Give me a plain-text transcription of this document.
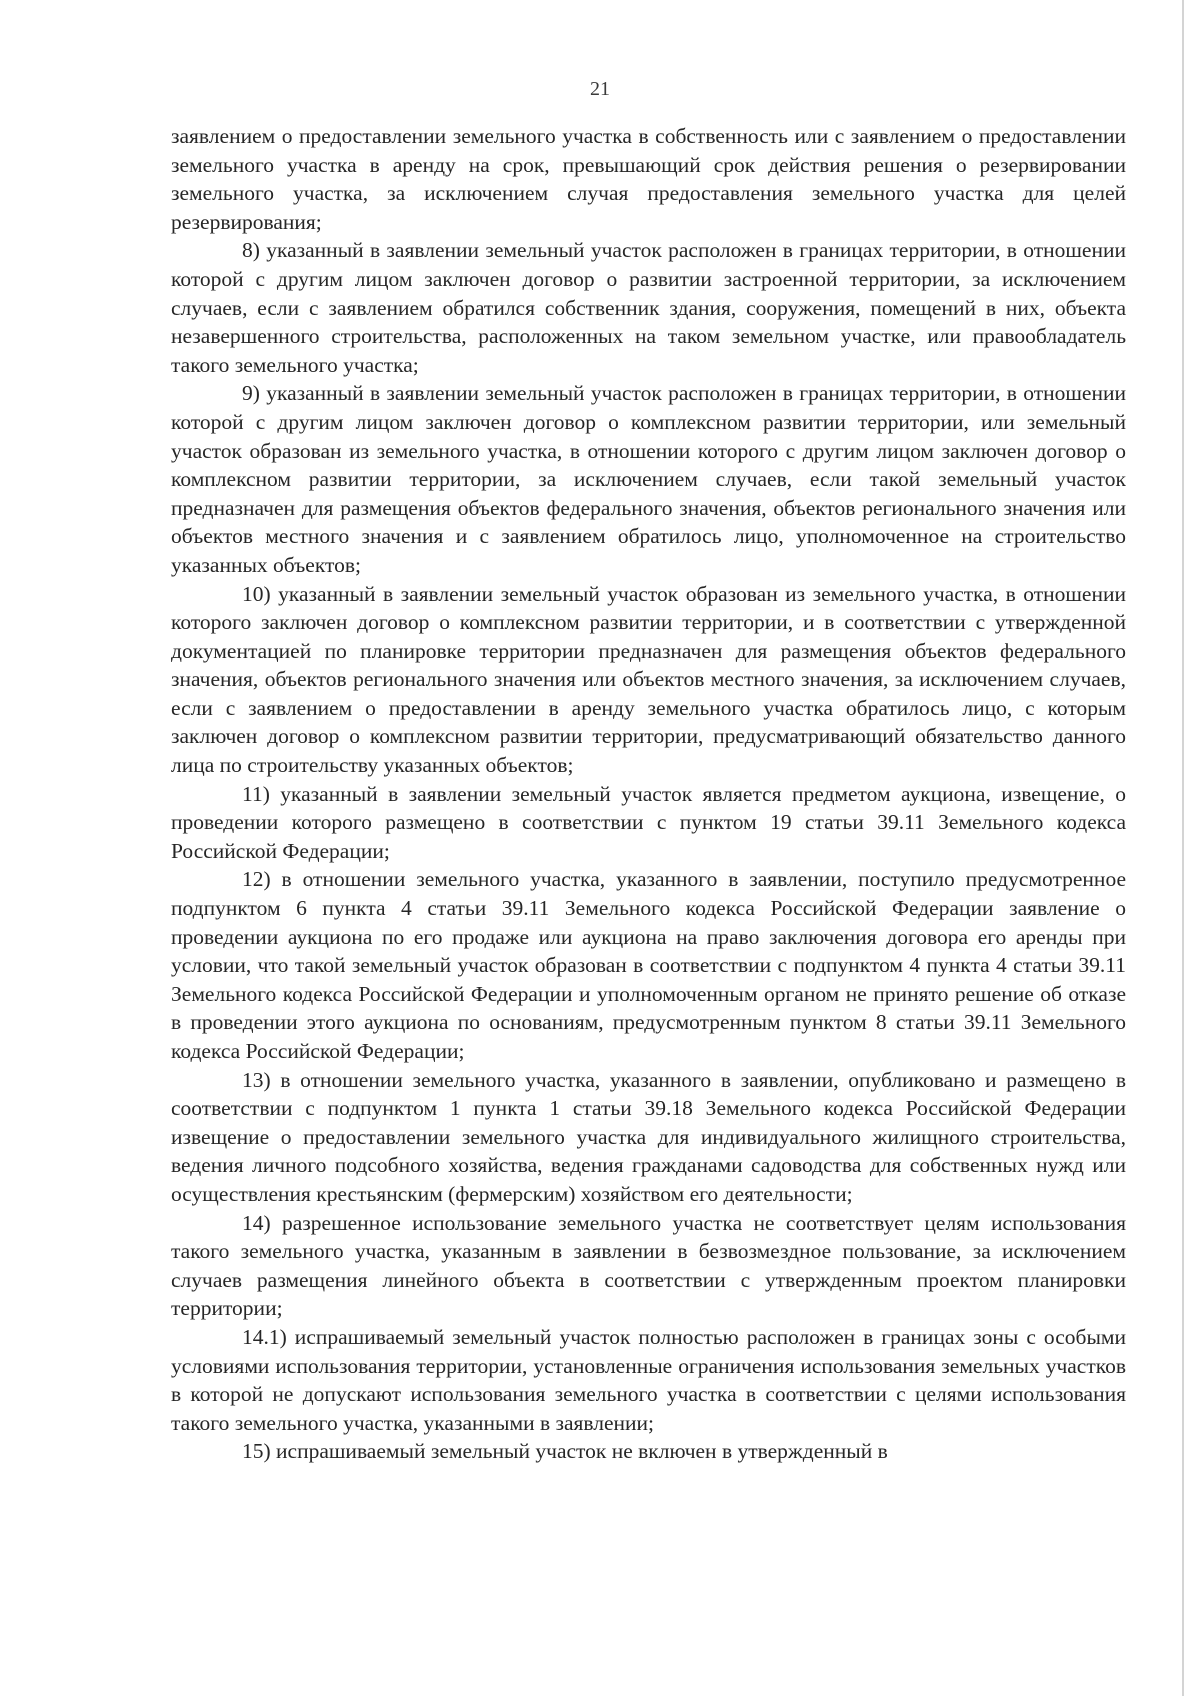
21

заявлением о предоставлении земельного участка в собственность или с заявлением о предоставлении земельного участка в аренду на срок, превышающий срок действия решения о резервировании земельного участка, за исключением случая предоставления земельного участка для целей резервирования;

8) указанный в заявлении земельный участок расположен в границах территории, в отношении которой с другим лицом заключен договор о развитии застроенной территории, за исключением случаев, если с заявлением обратился собственник здания, сооружения, помещений в них, объекта незавершенного строительства, расположенных на таком земельном участке, или правообладатель такого земельного участка;

9) указанный в заявлении земельный участок расположен в границах территории, в отношении которой с другим лицом заключен договор о комплексном развитии территории, или земельный участок образован из земельного участка, в отношении которого с другим лицом заключен договор о комплексном развитии территории, за исключением случаев, если такой земельный участок предназначен для размещения объектов федерального значения, объектов регионального значения или объектов местного значения и с заявлением обратилось лицо, уполномоченное на строительство указанных объектов;

10) указанный в заявлении земельный участок образован из земельного участка, в отношении которого заключен договор о комплексном развитии территории, и в соответствии с утвержденной документацией по планировке территории предназначен для размещения объектов федерального значения, объектов регионального значения или объектов местного значения, за исключением случаев, если с заявлением о предоставлении в аренду земельного участка обратилось лицо, с которым заключен договор о комплексном развитии территории, предусматривающий обязательство данного лица по строительству указанных объектов;

11) указанный в заявлении земельный участок является предметом аукциона, извещение, о проведении которого размещено в соответствии с пунктом 19 статьи 39.11 Земельного кодекса Российской Федерации;

12) в отношении земельного участка, указанного в заявлении, поступило предусмотренное подпунктом 6 пункта 4 статьи 39.11 Земельного кодекса Российской Федерации заявление о проведении аукциона по его продаже или аукциона на право заключения договора его аренды при условии, что такой земельный участок образован в соответствии с подпунктом 4 пункта 4 статьи 39.11 Земельного кодекса Российской Федерации и уполномоченным органом не принято решение об отказе в проведении этого аукциона по основаниям, предусмотренным пунктом 8 статьи 39.11 Земельного кодекса Российской Федерации;

13) в отношении земельного участка, указанного в заявлении, опубликовано и размещено в соответствии с подпунктом 1 пункта 1 статьи 39.18 Земельного кодекса Российской Федерации извещение о предоставлении земельного участка для индивидуального жилищного строительства, ведения личного подсобного хозяйства, ведения гражданами садоводства для собственных нужд или осуществления крестьянским (фермерским) хозяйством его деятельности;

14) разрешенное использование земельного участка не соответствует целям использования такого земельного участка, указанным в заявлении в безвозмездное пользование, за исключением случаев размещения линейного объекта в соответствии с утвержденным проектом планировки территории;

14.1) испрашиваемый земельный участок полностью расположен в границах зоны с особыми условиями использования территории, установленные ограничения использования земельных участков в которой не допускают использования земельного участка в соответствии с целями использования такого земельного участка, указанными в заявлении;

15) испрашиваемый земельный участок не включен в утвержденный в
